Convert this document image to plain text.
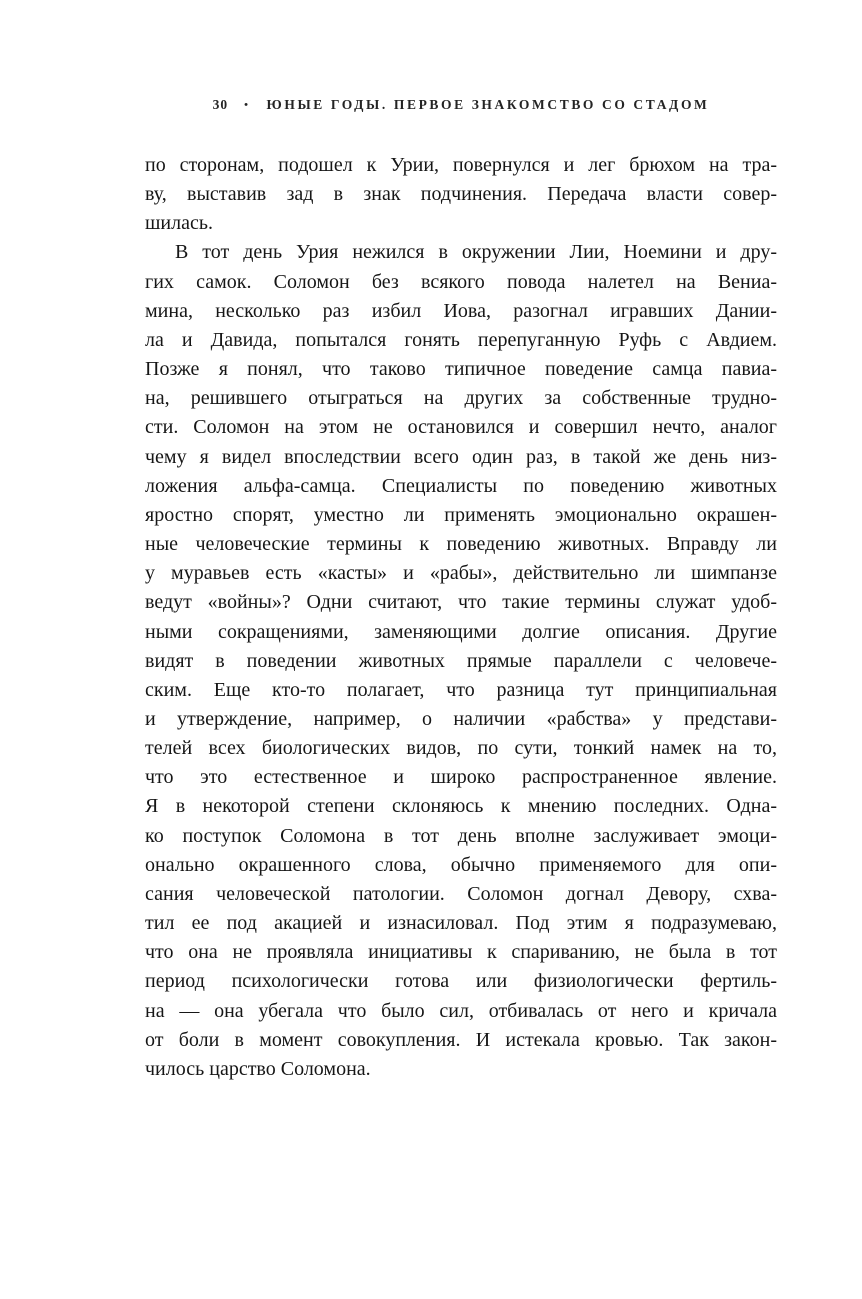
30 • ЮНЫЕ ГОДЫ. ПЕРВОЕ ЗНАКОМСТВО СО СТАДОМ
по сторонам, подошел к Урии, повернулся и лег брюхом на тра-
ву, выставив зад в знак подчинения. Передача власти совер-
шилась.
В тот день Урия нежился в окружении Лии, Ноемини и дру-
гих самок. Соломон без всякого повода налетел на Вениа-
мина, несколько раз избил Иова, разогнал игравших Дании-
ла и Давида, попытался гонять перепуганную Руфь с Авдием.
Позже я понял, что таково типичное поведение самца павиа-
на, решившего отыграться на других за собственные трудно-
сти. Соломон на этом не остановился и совершил нечто, аналог
чему я видел впоследствии всего один раз, в такой же день низ-
ложения альфа-самца. Специалисты по поведению животных
яростно спорят, уместно ли применять эмоционально окрашен-
ные человеческие термины к поведению животных. Вправду ли
у муравьев есть «касты» и «рабы», действительно ли шимпанзе
ведут «войны»? Одни считают, что такие термины служат удоб-
ными сокращениями, заменяющими долгие описания. Другие
видят в поведении животных прямые параллели с человече-
ским. Еще кто-то полагает, что разница тут принципиальная
и утверждение, например, о наличии «рабства» у представи-
телей всех биологических видов, по сути, тонкий намек на то,
что это естественное и широко распространенное явление.
Я в некоторой степени склоняюсь к мнению последних. Одна-
ко поступок Соломона в тот день вполне заслуживает эмоци-
онально окрашенного слова, обычно применяемого для опи-
сания человеческой патологии. Соломон догнал Девору, схва-
тил ее под акацией и изнасиловал. Под этим я подразумеваю,
что она не проявляла инициативы к спариванию, не была в тот
период психологически готова или физиологически фертиль-
на — она убегала что было сил, отбивалась от него и кричала
от боли в момент совокупления. И истекала кровью. Так закон-
чилось царство Соломона.
